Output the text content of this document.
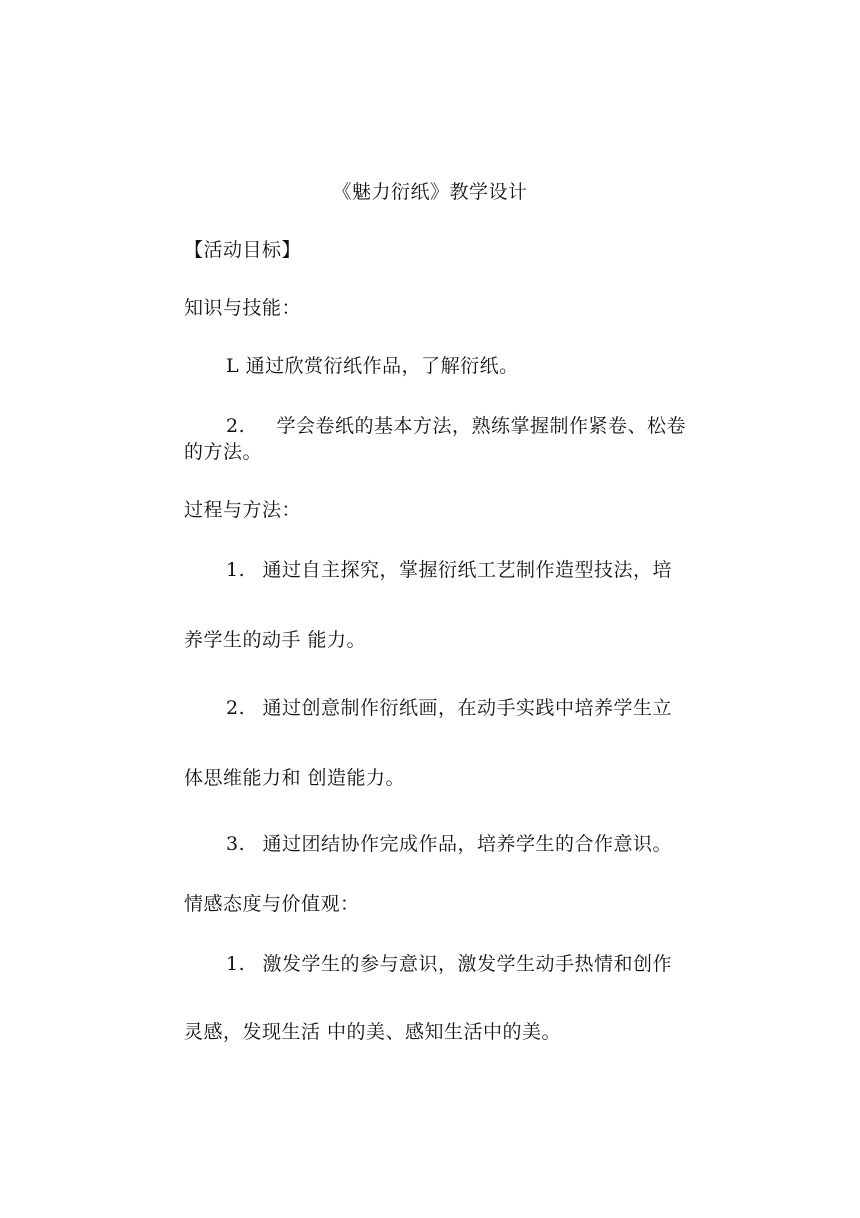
《魅力衍纸》教学设计
【活动目标】
知识与技能：
L 通过欣赏衍纸作品，了解衍纸。
2. 学会卷纸的基本方法，熟练掌握制作紧卷、松卷
的方法。
过程与方法：
1. 通过自主探究，掌握衍纸工艺制作造型技法，培
养学生的动手 能力。
2. 通过创意制作衍纸画，在动手实践中培养学生立
体思维能力和 创造能力。
3. 通过团结协作完成作品，培养学生的合作意识。
情感态度与价值观：
1. 激发学生的参与意识，激发学生动手热情和创作
灵感，发现生活 中的美、感知生活中的美。
